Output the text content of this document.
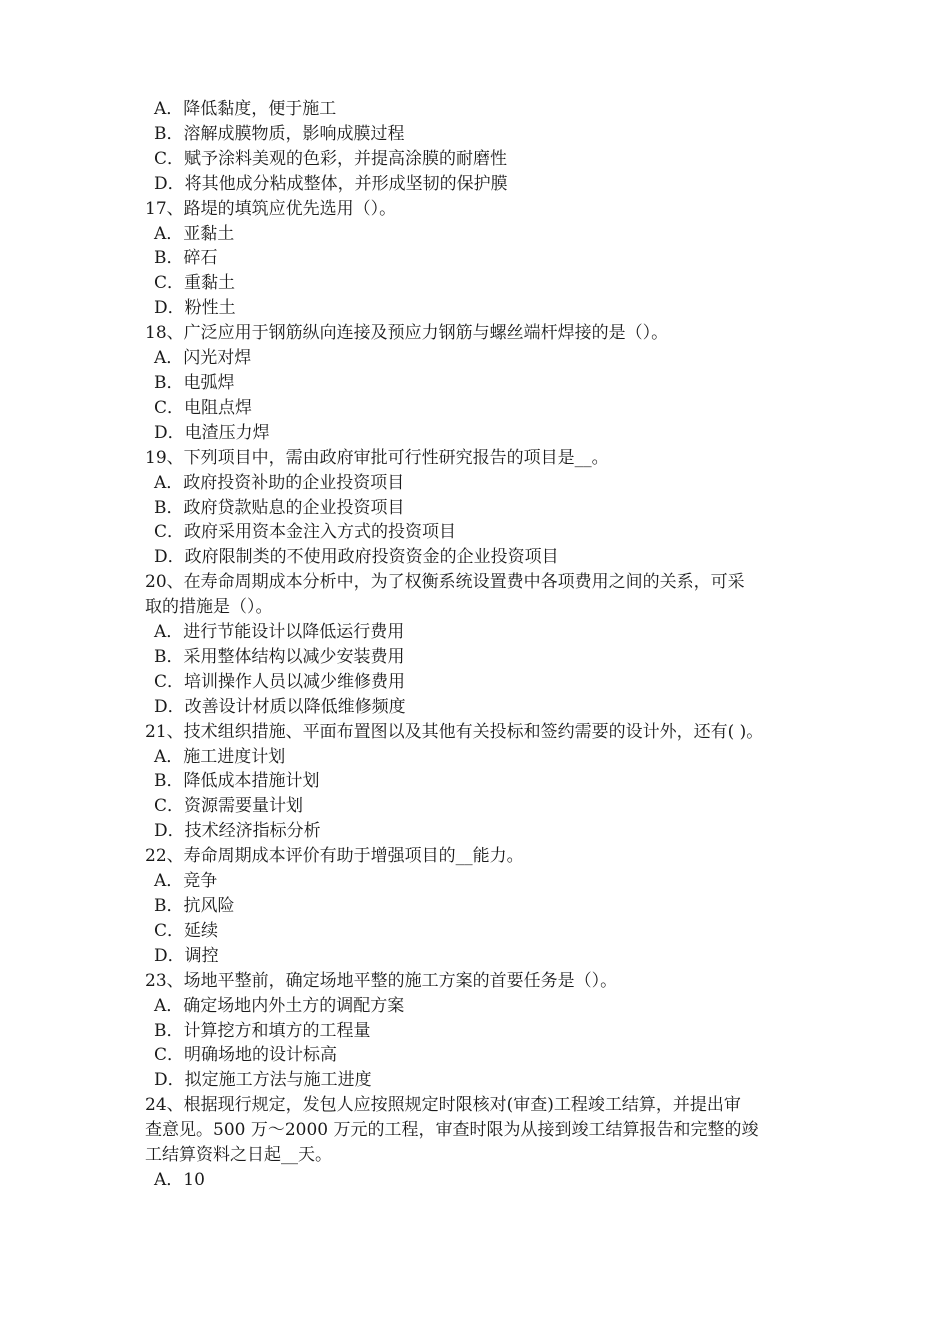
A．降低黏度，便于施工

B．溶解成膜物质，影响成膜过程

C．赋予涂料美观的色彩，并提高涂膜的耐磨性

D．将其他成分粘成整体，并形成坚韧的保护膜

17、路堤的填筑应优先选用（）。

A．亚黏土

B．碎石

C．重黏土

D．粉性土

18、广泛应用于钢筋纵向连接及预应力钢筋与螺丝端杆焊接的是（）。

A．闪光对焊

B．电弧焊

C．电阻点焊

D．电渣压力焊

19、下列项目中，需由政府审批可行性研究报告的项目是__。

A．政府投资补助的企业投资项目

B．政府贷款贴息的企业投资项目

C．政府采用资本金注入方式的投资项目

D．政府限制类的不使用政府投资资金的企业投资项目

20、在寿命周期成本分析中，为了权衡系统设置费中各项费用之间的关系，可采

取的措施是（）。

A．进行节能设计以降低运行费用

B．采用整体结构以减少安装费用

C．培训操作人员以减少维修费用

D．改善设计材质以降低维修频度

21、技术组织措施、平面布置图以及其他有关投标和签约需要的设计外，还有( )。

A．施工进度计划

B．降低成本措施计划

C．资源需要量计划

D．技术经济指标分析

22、寿命周期成本评价有助于增强项目的__能力。

A．竞争

B．抗风险

C．延续

D．调控

23、场地平整前，确定场地平整的施工方案的首要任务是（）。

A．确定场地内外土方的调配方案

B．计算挖方和填方的工程量

C．明确场地的设计标高

D．拟定施工方法与施工进度

24、根据现行规定，发包人应按照规定时限核对(审查)工程竣工结算，并提出审

查意见。500 万～2000 万元的工程，审查时限为从接到竣工结算报告和完整的竣

工结算资料之日起__天。

A．10
